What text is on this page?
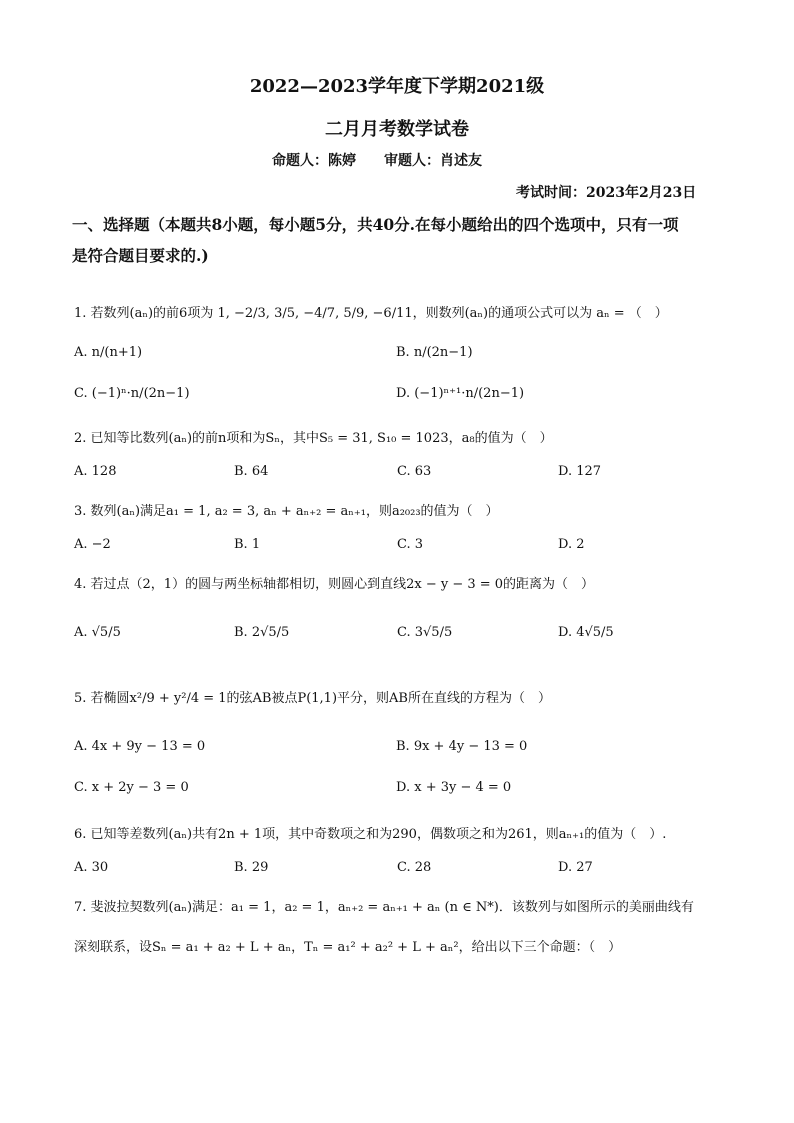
2022—2023学年度下学期2021级
二月月考数学试卷
命题人：陈婷　　审题人：肖述友
考试时间：2023年2月23日
一、选择题（本题共8小题，每小题5分，共40分.在每小题给出的四个选项中，只有一项
是符合题目要求的.)
1. 若数列(aₙ)的前6项为 1, −2/3, 3/5, −4/7, 5/9, −6/11，则数列(aₙ)的通项公式可以为 aₙ = （　）
A. n/(n+1)	B. n/(2n−1)
C. (−1)ⁿ·n/(2n−1)	D. (−1)ⁿ⁺¹·n/(2n−1)
2. 已知等比数列(aₙ)的前n项和为Sₙ，其中S₅ = 31, S₁₀ = 1023，a₈的值为（　）
A. 128	B. 64	C. 63	D. 127
3. 数列(aₙ)满足a₁ = 1, a₂ = 3, aₙ + aₙ₊₂ = aₙ₊₁，则a₂₀₂₃的值为（　）
A. −2	B. 1	C. 3	D. 2
4. 若过点（2，1）的圆与两坐标轴都相切，则圆心到直线2x − y − 3 = 0的距离为（　）
A. √5/5	B. 2√5/5	C. 3√5/5	D. 4√5/5
5. 若椭圆x²/9 + y²/4 = 1的弦AB被点P(1,1)平分，则AB所在直线的方程为（　）
A. 4x + 9y − 13 = 0	B. 9x + 4y − 13 = 0
C. x + 2y − 3 = 0	D. x + 3y − 4 = 0
6. 已知等差数列(aₙ)共有2n + 1项，其中奇数项之和为290，偶数项之和为261，则aₙ₊₁的值为（　）.
A. 30	B. 29	C. 28	D. 27
7. 斐波拉契数列(aₙ)满足：a₁ = 1，a₂ = 1，aₙ₊₂ = aₙ₊₁ + aₙ (n ∈ N*)．该数列与如图所示的美丽曲线有
深刻联系，设Sₙ = a₁ + a₂ + L + aₙ，Tₙ = a₁² + a₂² + L + aₙ²，给出以下三个命题：（　）
